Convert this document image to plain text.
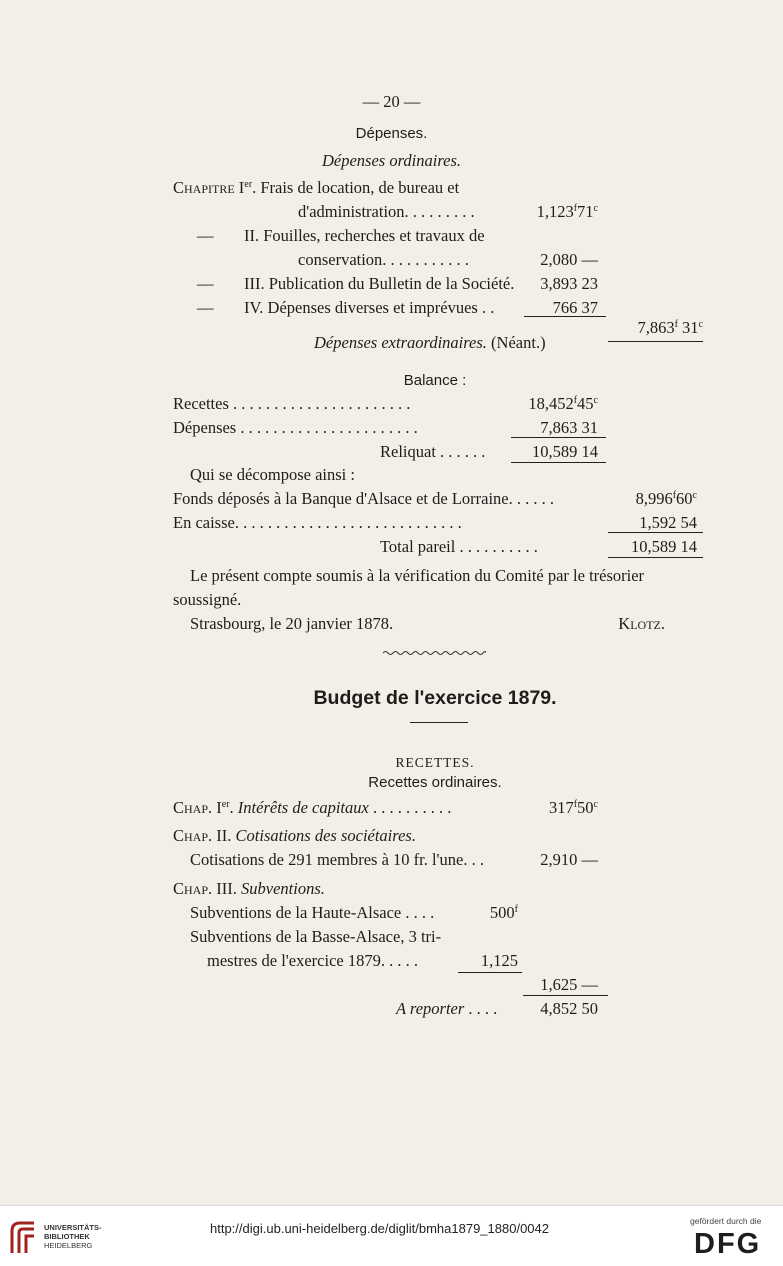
— 20 —
Dépenses.
Dépenses ordinaires.
Chapitre Ier. Frais de location, de bureau et
d'administration. . . . . . . . .	1,123$^f$71$^c$
— II. Fouilles, recherches et travaux de
conservation. . . . . . . . . . .	2,080 —
— III. Publication du Bulletin de la Société.	3,893 23
— IV. Dépenses diverses et imprévues . .	766 37
7,863$^f$ 31$^c$
Dépenses extraordinaires. (Néant.)
Balance :
Recettes . . . . . . . . . . . . . . . . . . . . . .	18,452$^f$45$^c$
Dépenses . . . . . . . . . . . . . . . . . . . . . .	7,863 31
Reliquat . . . . . .	10,589 14
Qui se décompose ainsi :
Fonds déposés à la Banque d'Alsace et de Lorraine. . . . . .	8,996$^f$60$^c$
En caisse. . . . . . . . . . . . . . . . . . . . . . . . . . . .	1,592 54
Total pareil . . . . . . . . . .	10,589 14
Le présent compte soumis à la vérification du Comité par le trésorier
soussigné.
Strasbourg, le 20 janvier 1878.	Klotz.
Budget de l'exercice 1879.
RECETTES.
Recettes ordinaires.
Chap. Ier. Intérêts de capitaux . . . . . . . . . .	317$^f$50$^c$
Chap. II. Cotisations des sociétaires.
Cotisations de 291 membres à 10 fr. l'une. . .	2,910 —
Chap. III. Subventions.
Subventions de la Haute-Alsace . . . .	500$^f$
Subventions de la Basse-Alsace, 3 tri-
mestres de l'exercice 1879. . . . .	1,125
1,625 —
A reporter . . . .	4,852 50
UNIVERSITÄTS-
BIBLIOTHEK
HEIDELBERG
http://digi.ub.uni-heidelberg.de/diglit/bmha1879_1880/0042	gefördert durch die
DFG
